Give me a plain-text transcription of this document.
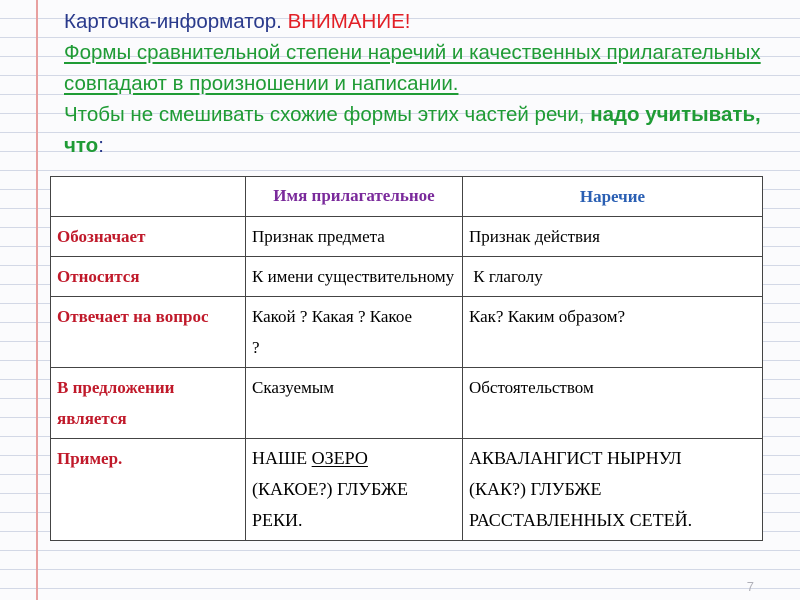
Карточка-информатор. ВНИМАНИЕ!
Формы сравнительной степени наречий и качественных прилагательных совпадают в произношении и написании.
Чтобы не смешивать схожие формы этих частей речи, надо учитывать, что:
	Имя прилагательное	Наречие
Обозначает	Признак предмета	Признак действия
Относится	К имени существительному	К глаголу
Отвечает на вопрос	Какой ? Какая ? Какое ?	Как? Каким образом?
В предложении является	Сказуемым	Обстоятельством
Пример.	НАШЕ ОЗЕРО (КАКОЕ?) ГЛУБЖЕ РЕКИ.	АКВАЛАНГИСТ НЫРНУЛ (КАК?) ГЛУБЖЕ РАССТАВЛЕННЫХ СЕТЕЙ.
7
